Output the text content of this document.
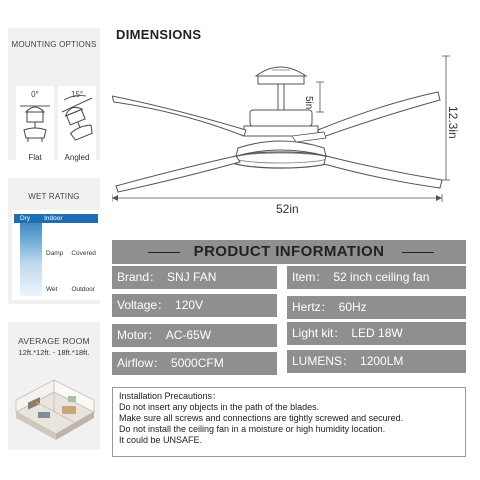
MOUNTING OPTIONS
0°
Flat
15°
Angled
WET RATING
Dry Indoor
Damp Covered
Wet Outdoor
AVERAGE ROOM
12ft.*12ft. - 18ft.*18ft.
DIMENSIONS
5in
12.3in
52in
PRODUCT INFORMATION
Brand： SNJ FAN	Item： 52 inch ceiling fan
Voltage： 120V	Hertz： 60Hz
Motor： AC-65W	Light kit： LED 18W
Airflow： 5000CFM	LUMENS： 1200LM
Installation Precautions：
Do not insert any objects in the path of the blades.
Make sure all screws and connections are tightly screwed and secured.
Do not install the ceiling fan in a moisture or high humidity location.
It could be UNSAFE.
